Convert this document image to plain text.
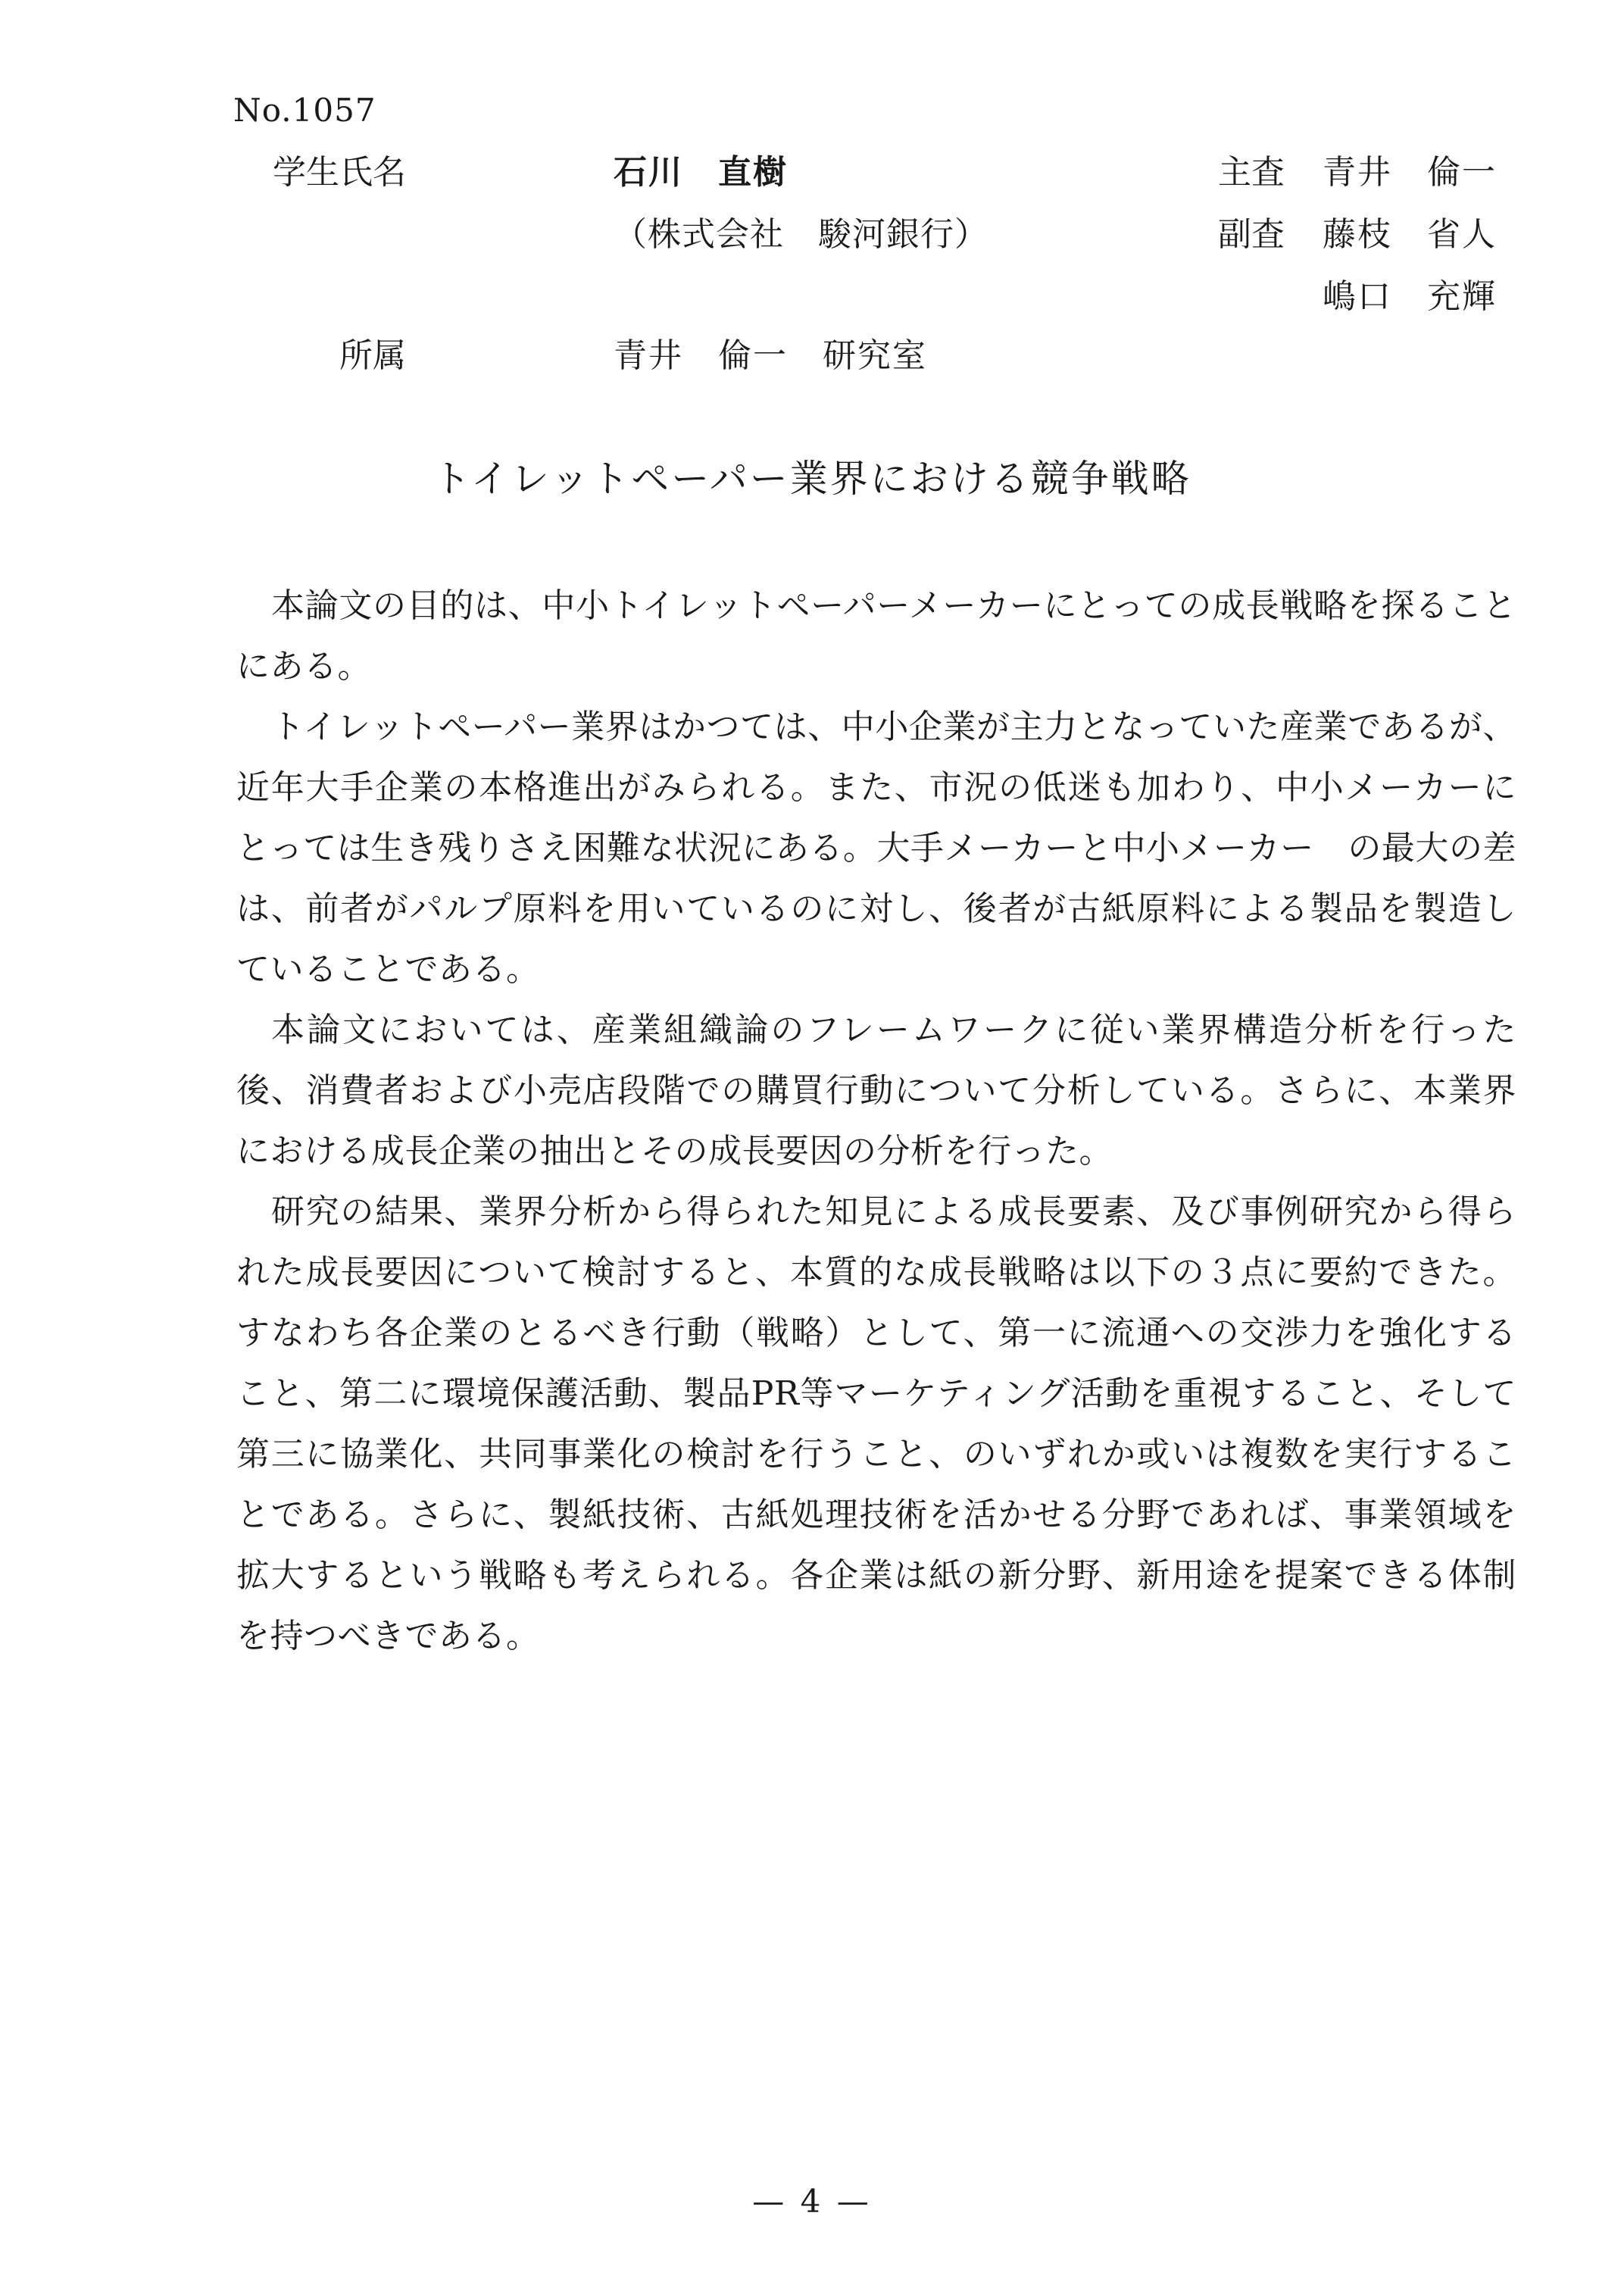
No.1057
学生氏名	石川　直樹
（株式会社　駿河銀行）
所属	青井　倫一　研究室
主査	青井　倫一
副査	藤枝　省人
嶋口　充輝
トイレットペーパー業界における競争戦略

本論文の目的は、中小トイレットペーパーメーカーにとっての成長戦略を探ることにある。

トイレットペーパー業界はかつては、中小企業が主力となっていた産業であるが、近年大手企業の本格進出がみられる。また、市況の低迷も加わり、中小メーカーにとっては生き残りさえ困難な状況にある。大手メーカーと中小メーカー　の最大の差は、前者がパルプ原料を用いているのに対し、後者が古紙原料による製品を製造していることである。

本論文においては、産業組織論のフレームワークに従い業界構造分析を行った後、消費者および小売店段階での購買行動について分析している。さらに、本業界における成長企業の抽出とその成長要因の分析を行った。

研究の結果、業界分析から得られた知見による成長要素、及び事例研究から得られた成長要因について検討すると、本質的な成長戦略は以下の３点に要約できた。すなわち各企業のとるべき行動（戦略）として、第一に流通への交渉力を強化すること、第二に環境保護活動、製品PR等マーケティング活動を重視すること、そして第三に協業化、共同事業化の検討を行うこと、のいずれか或いは複数を実行することである。さらに、製紙技術、古紙処理技術を活かせる分野であれば、事業領域を拡大するという戦略も考えられる。各企業は紙の新分野、新用途を提案できる体制を持つべきである。

— 4 —
